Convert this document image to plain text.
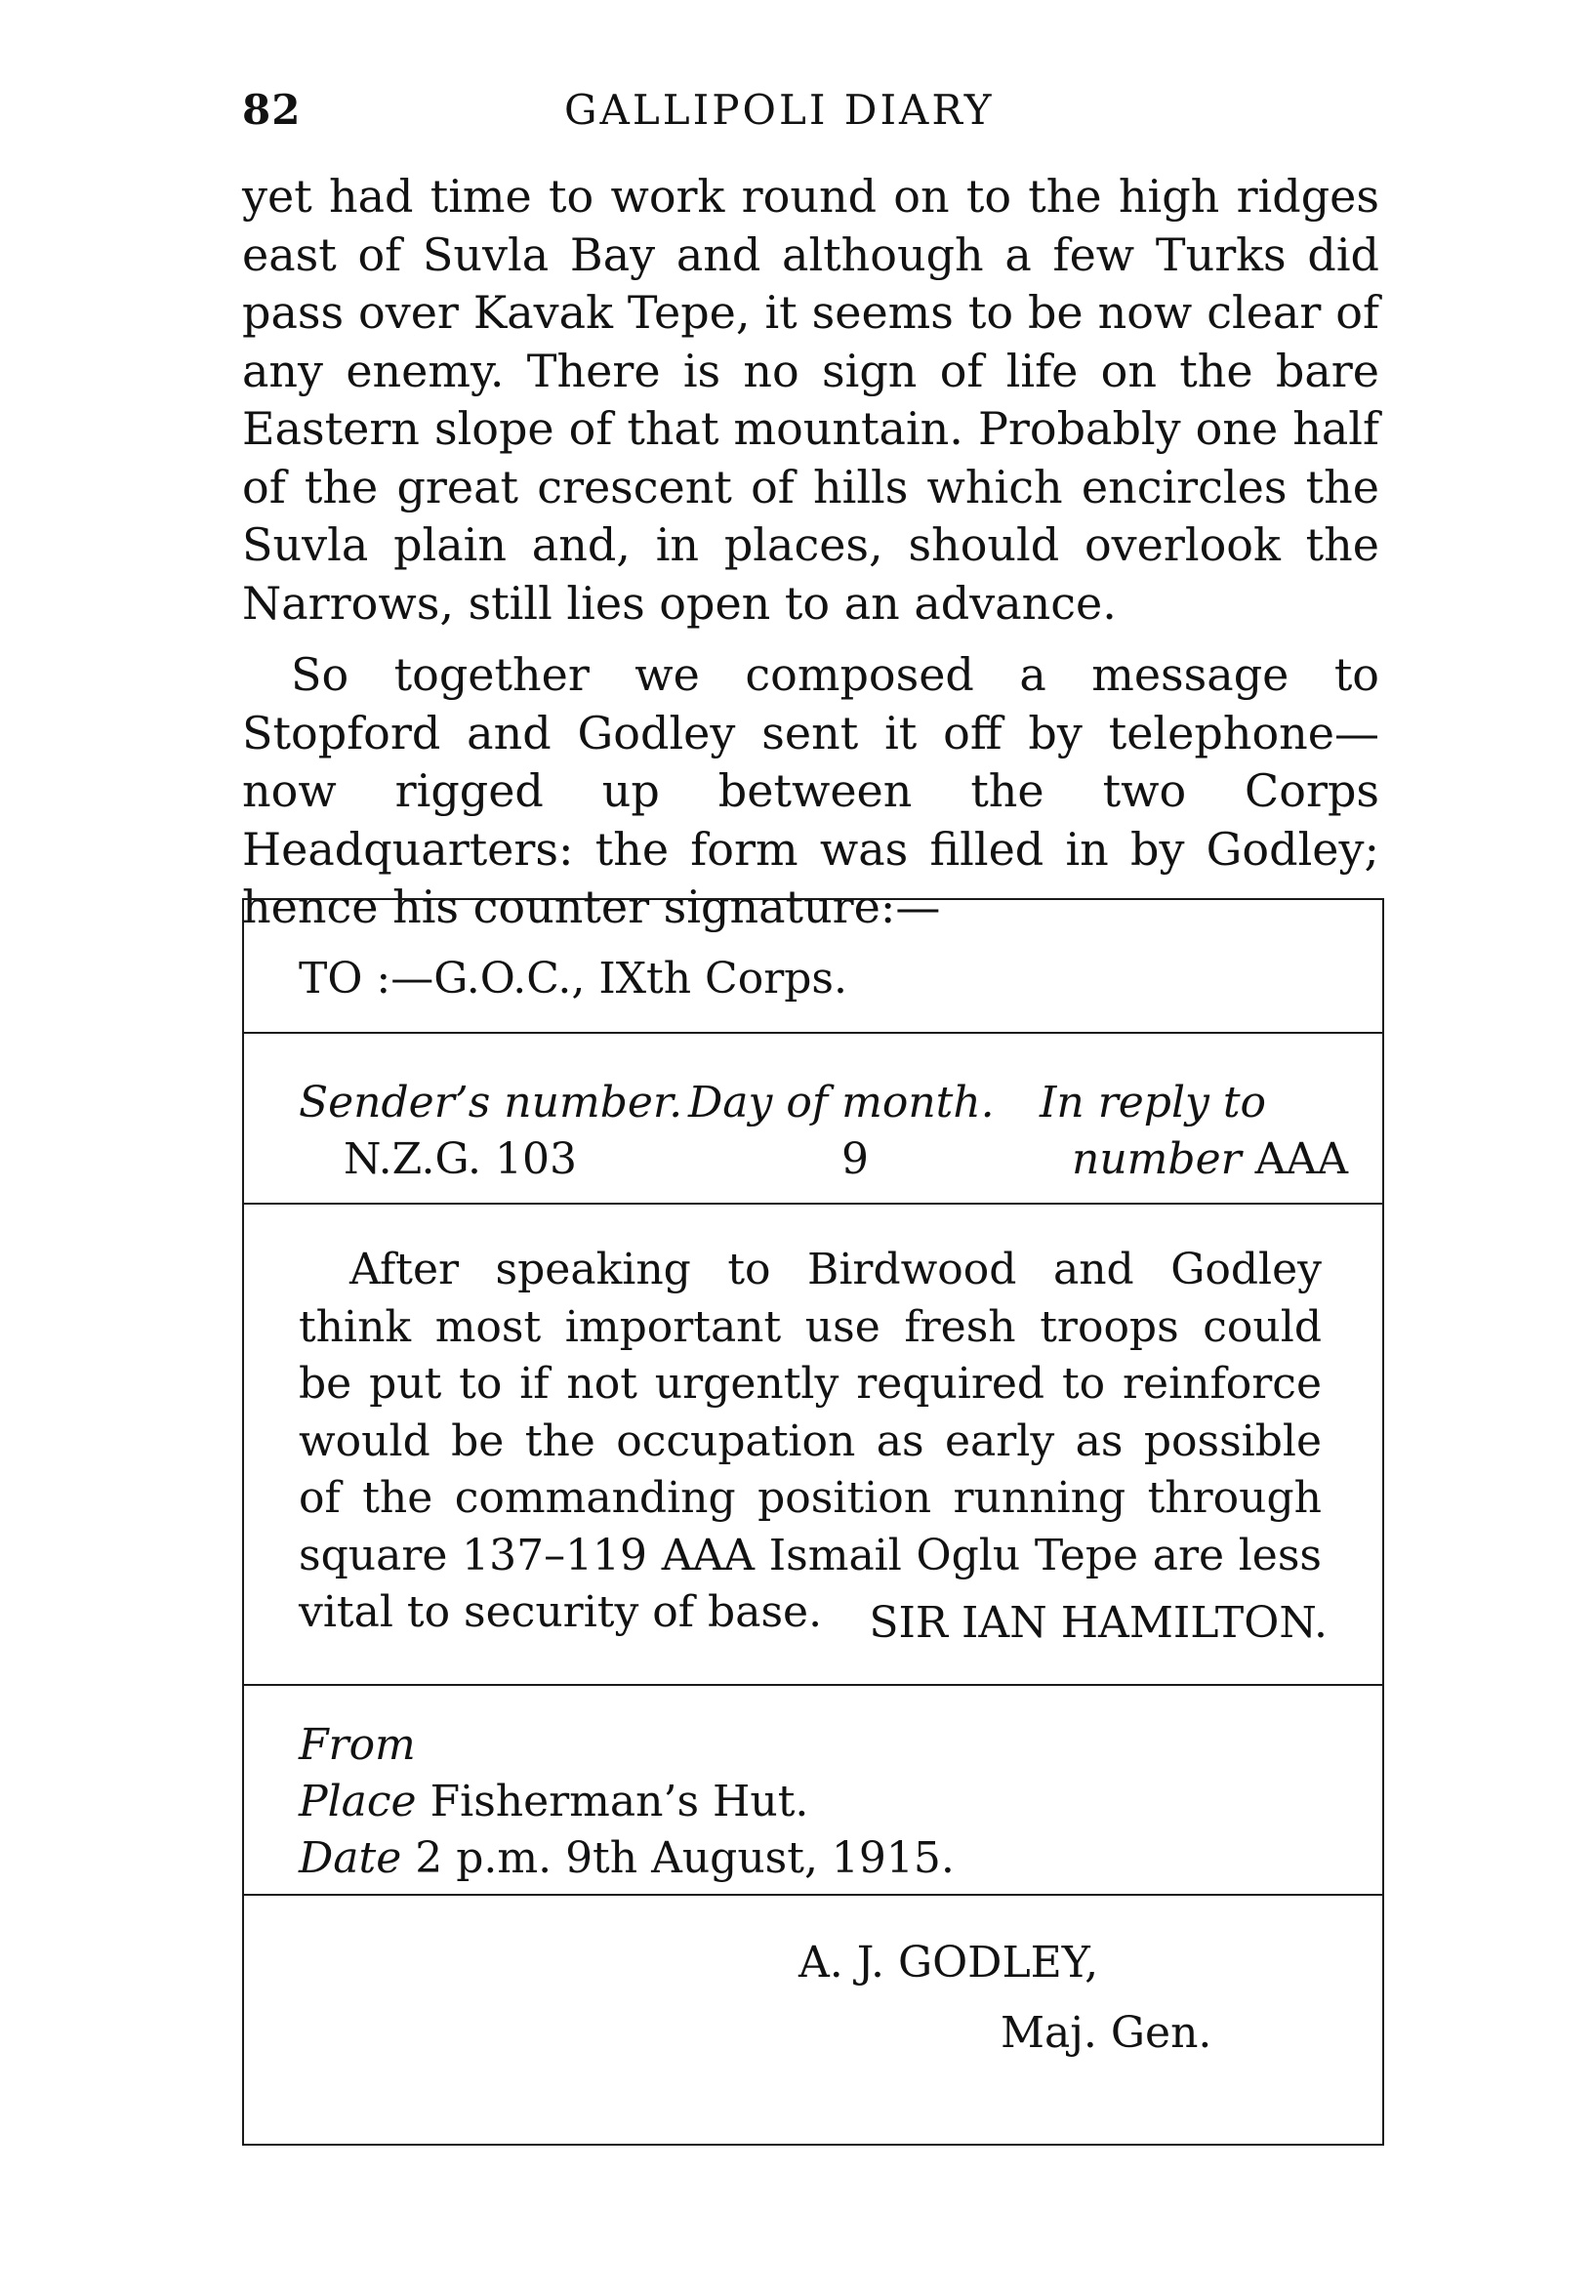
82	GALLIPOLI DIARY

yet had time to work round on to the high ridges east of Suvla Bay and although a few Turks did pass over Kavak Tepe, it seems to be now clear of any enemy. There is no sign of life on the bare Eastern slope of that mountain. Probably one half of the great crescent of hills which encircles the Suvla plain and, in places, should overlook the Narrows, still lies open to an advance.

So together we composed a message to Stopford and Godley sent it off by telephone—now rigged up between the two Corps Headquarters: the form was filled in by Godley; hence his counter signature:—

TO :—G.O.C., IXth Corps.
Sender’s number. Day of month. In reply to
N.Z.G. 103	9	number AAA
After speaking to Birdwood and Godley think most important use fresh troops could be put to if not urgently required to reinforce would be the occupation as early as possible of the commanding position running through square 137–119 AAA Ismail Oglu Tepe are less vital to security of base.	SIR IAN HAMILTON.
From
Place Fisherman’s Hut.
Date 2 p.m. 9th August, 1915.
A. J. GODLEY,
Maj. Gen.
